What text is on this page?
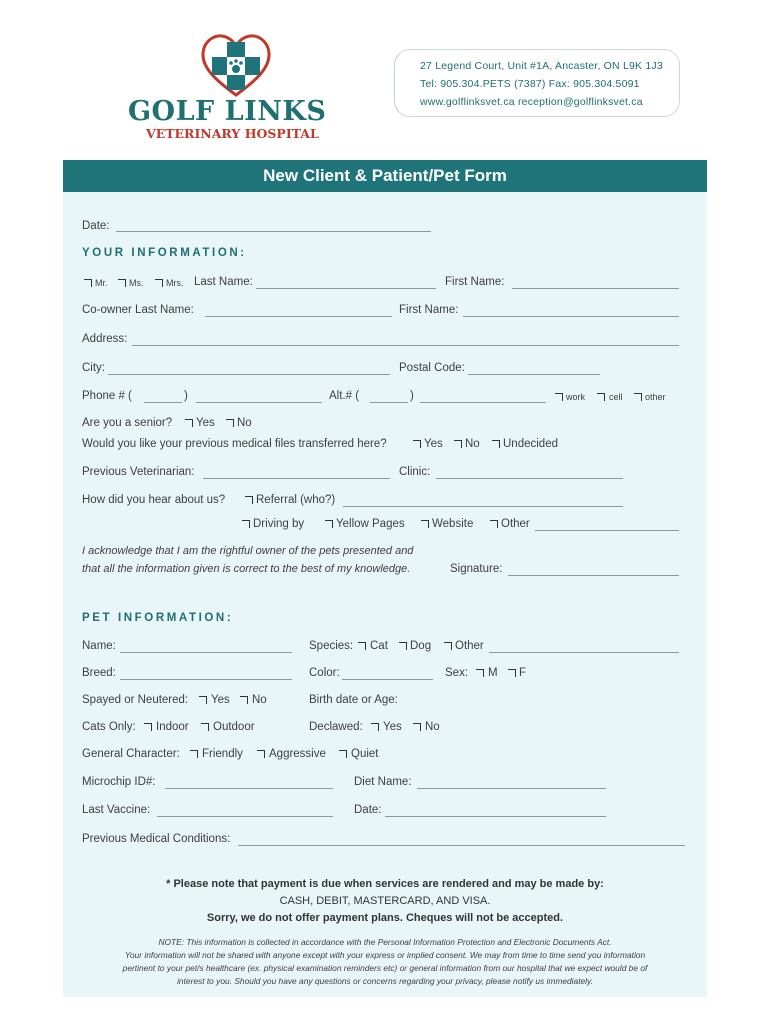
GOLF LINKS
VETERINARY HOSPITAL
27 Legend Court, Unit #1A, Ancaster, ON L9K 1J3
Tel: 905.304.PETS (7387) Fax: 905.304.5091
www.golflinksvet.ca reception@golflinksvet.ca
New Client & Patient/Pet Form
Date:
YOUR INFORMATION:
Mr. Ms.	Mrs. Last Name:	First Name:
Co-owner Last Name:	First Name:
Address:
City:	Postal Code:
Phone # (	)	Alt.# (	)	work	cell other
Are you a senior? Yes No
Would you like your previous medical files transferred here?	Yes No Undecided
Previous Veterinarian:	Clinic:
How did you hear about us?	Referral (who?)
Driving by	Yellow Pages Website Other
I acknowledge that I am the rightful owner of the pets presented and
that all the information given is correct to the best of my knowledge.	Signature:
PET INFORMATION:
Name:	Species: Cat Dog Other
Breed:	Color:	Sex: M F
Spayed or Neutered: Yes No	Birth date or Age:
Cats Only: Indoor Outdoor	Declawed: Yes No
General Character: Friendly Aggressive Quiet
Microchip ID#:	Diet Name:
Last Vaccine:	Date:
Previous Medical Conditions:
* Please note that payment is due when services are rendered and may be made by:
CASH, DEBIT, MASTERCARD, AND VISA.
Sorry, we do not offer payment plans. Cheques will not be accepted.
NOTE: This information is collected in accordance with the Personal Information Protection and Electronic Documents Act.
Your information will not be shared with anyone except with your express or implied consent. We may from time to time send you information
pertinent to your pet/s healthcare (ex. physical examination reminders etc) or general information from our hospital that we expect would be of
interest to you. Should you have any questions or concerns regarding your privacy, please notify us immediately.
